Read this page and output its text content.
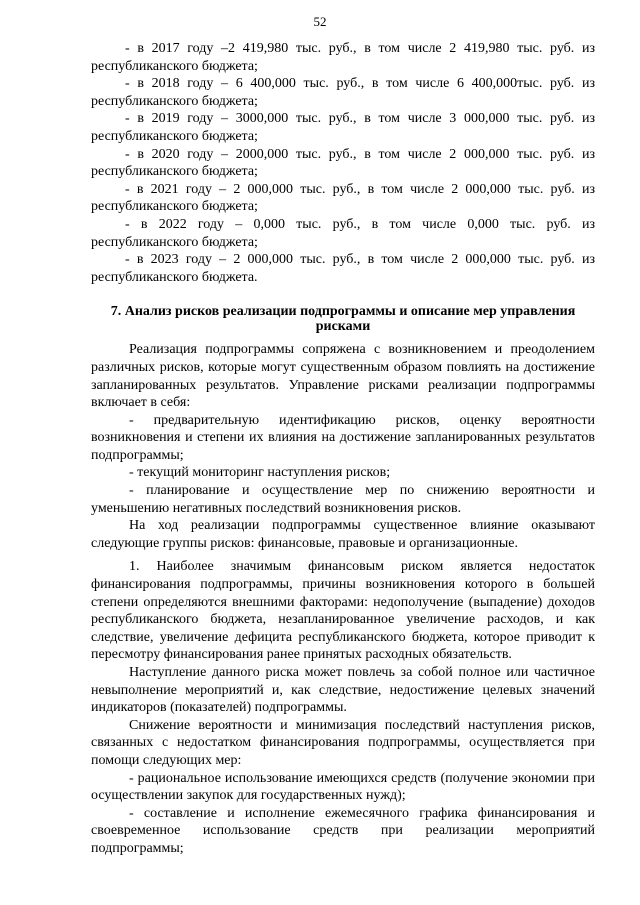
52

- в 2017 году –2 419,980 тыс. руб., в том числе 2 419,980 тыс. руб. из республиканского бюджета;

- в 2018 году – 6 400,000 тыс. руб., в том числе 6 400,000тыс. руб. из республиканского бюджета;

- в 2019 году – 3000,000 тыс. руб., в том числе 3 000,000 тыс. руб. из республиканского бюджета;

- в 2020 году – 2000,000 тыс. руб., в том числе 2 000,000 тыс. руб. из республиканского бюджета;

- в 2021 году – 2 000,000 тыс. руб., в том числе 2 000,000 тыс. руб. из республиканского бюджета;

- в 2022 году – 0,000 тыс. руб., в том числе 0,000 тыс. руб. из республиканского бюджета;

- в 2023 году – 2 000,000 тыс. руб., в том числе 2 000,000 тыс. руб. из республиканского бюджета.

7. Анализ рисков реализации подпрограммы и описание мер управления
рисками

Реализация подпрограммы сопряжена с возникновением и преодолением различных рисков, которые могут существенным образом повлиять на достижение запланированных результатов. Управление рисками реализации подпрограммы включает в себя:

- предварительную идентификацию рисков, оценку вероятности возникновения и степени их влияния на достижение запланированных результатов подпрограммы;

- текущий мониторинг наступления рисков;

- планирование и осуществление мер по снижению вероятности и уменьшению негативных последствий возникновения рисков.

На ход реализации подпрограммы существенное влияние оказывают следующие группы рисков: финансовые, правовые и организационные.

1. Наиболее значимым финансовым риском является недостаток финансирования подпрограммы, причины возникновения которого в большей степени определяются внешними факторами: недополучение (выпадение) доходов республиканского бюджета, незапланированное увеличение расходов, и как следствие, увеличение дефицита республиканского бюджета, которое приводит к пересмотру финансирования ранее принятых расходных обязательств.

Наступление данного риска может повлечь за собой полное или частичное невыполнение мероприятий и, как следствие, недостижение целевых значений индикаторов (показателей) подпрограммы.

Снижение вероятности и минимизация последствий наступления рисков, связанных с недостатком финансирования подпрограммы, осуществляется при помощи следующих мер:

- рациональное использование имеющихся средств (получение экономии при осуществлении закупок для государственных нужд);

- составление и исполнение ежемесячного графика финансирования и своевременное использование средств при реализации мероприятий подпрограммы;
